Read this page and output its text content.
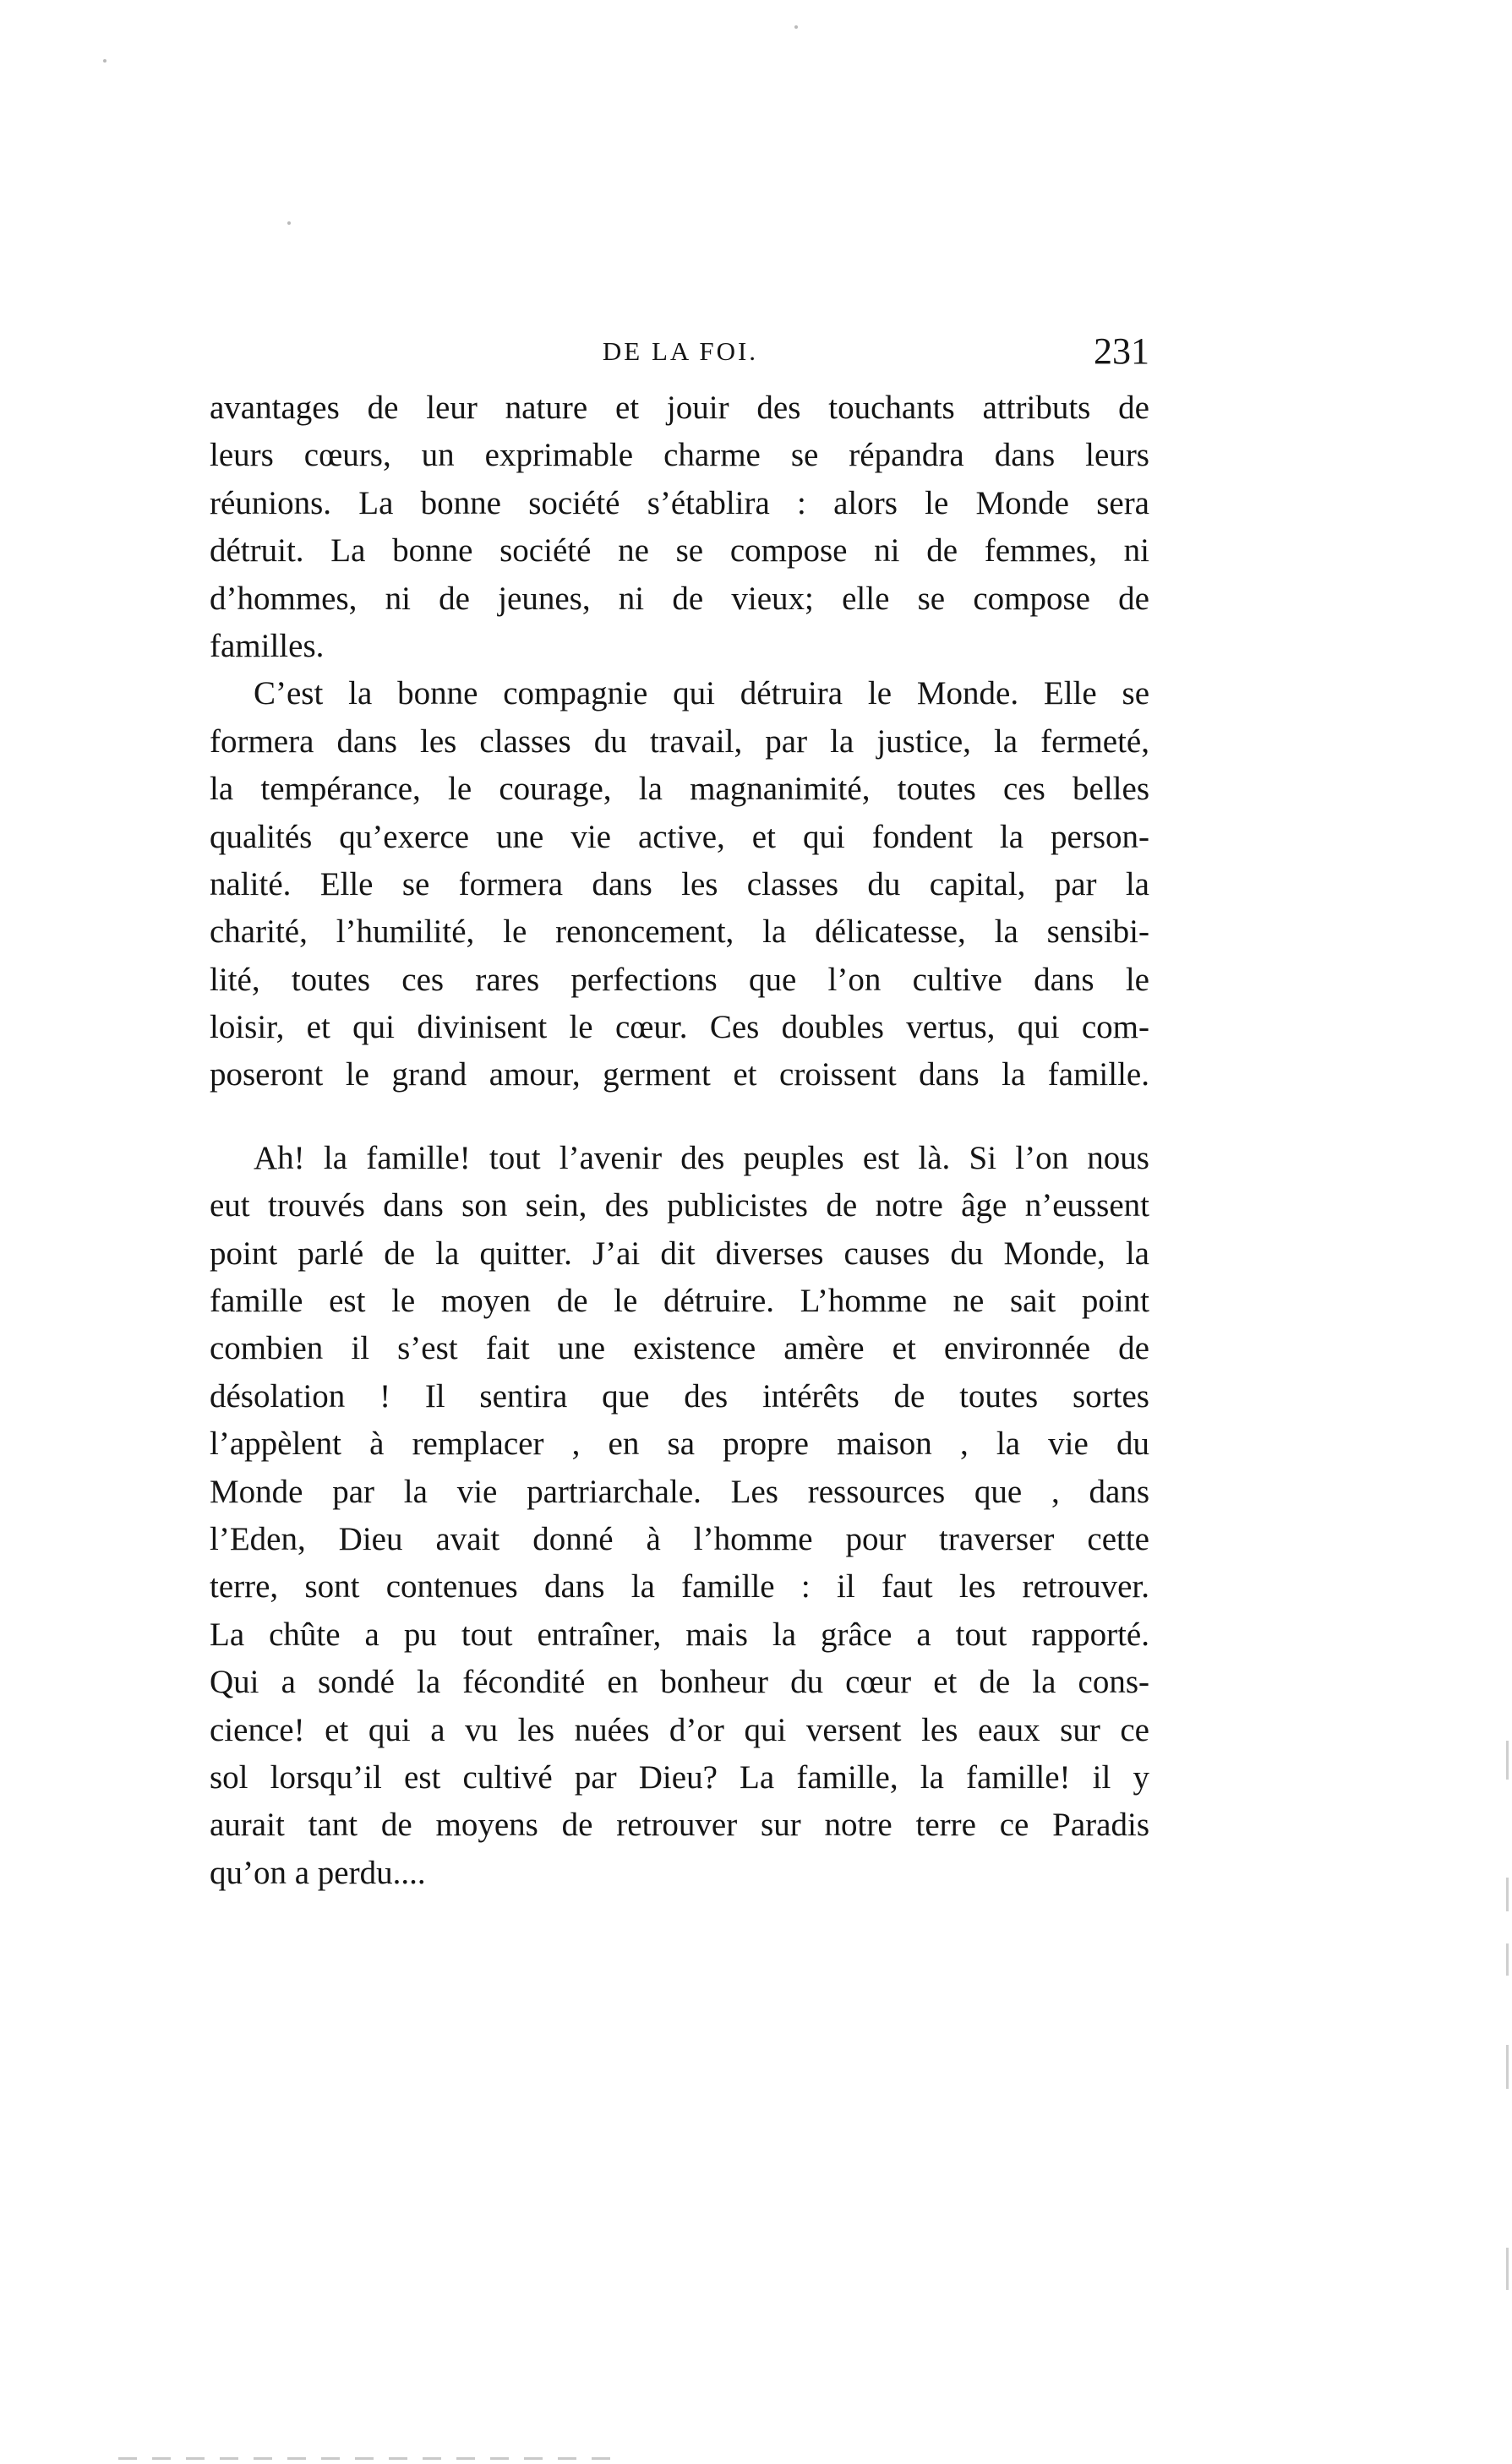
DE LA FOI.	231
avantages de leur nature et jouir des touchants attributs de
leurs cœurs, un exprimable charme se répandra dans leurs
réunions. La bonne société s’établira : alors le Monde sera
détruit. La bonne société ne se compose ni de femmes, ni
d’hommes, ni de jeunes, ni de vieux; elle se compose de
familles.
C’est la bonne compagnie qui détruira le Monde. Elle se
formera dans les classes du travail, par la justice, la fermeté,
la tempérance, le courage, la magnanimité, toutes ces belles
qualités qu’exerce une vie active, et qui fondent la person-
nalité. Elle se formera dans les classes du capital, par la
charité, l’humilité, le renoncement, la délicatesse, la sensibi-
lité, toutes ces rares perfections que l’on cultive dans le
loisir, et qui divinisent le cœur. Ces doubles vertus, qui com-
poseront le grand amour, germent et croissent dans la famille.
Ah! la famille! tout l’avenir des peuples est là. Si l’on nous
eut trouvés dans son sein, des publicistes de notre âge n’eussent
point parlé de la quitter. J’ai dit diverses causes du Monde, la
famille est le moyen de le détruire. L’homme ne sait point
combien il s’est fait une existence amère et environnée de
désolation ! Il sentira que des intérêts de toutes sortes
l’appèlent à remplacer , en sa propre maison , la vie du
Monde par la vie partriarchale. Les ressources que , dans
l’Eden, Dieu avait donné à l’homme pour traverser cette
terre, sont contenues dans la famille : il faut les retrouver.
La chûte a pu tout entraîner, mais la grâce a tout rapporté.
Qui a sondé la fécondité en bonheur du cœur et de la cons-
cience! et qui a vu les nuées d’or qui versent les eaux sur ce
sol lorsqu’il est cultivé par Dieu? La famille, la famille! il y
aurait tant de moyens de retrouver sur notre terre ce Paradis
qu’on a perdu....
